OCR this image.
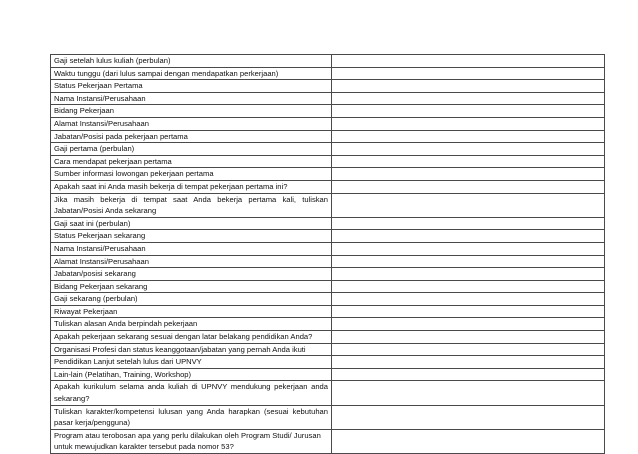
Gaji setelah lulus kuliah (perbulan)	
Waktu tunggu (dari lulus sampai dengan mendapatkan perkerjaan)	
Status Pekerjaan Pertama	
Nama Instansi/Perusahaan	
Bidang Pekerjaan	
Alamat Instansi/Perusahaan	
Jabatan/Posisi pada pekerjaan pertama	
Gaji pertama (perbulan)	
Cara mendapat pekerjaan pertama	
Sumber informasi lowongan pekerjaan pertama	
Apakah saat ini Anda masih bekerja di tempat pekerjaan pertama ini?	
Jika masih bekerja di tempat saat Anda bekerja pertama kali, tuliskan Jabatan/Posisi Anda sekarang	
Gaji saat ini (perbulan)	
Status Pekerjaan sekarang	
Nama Instansi/Perusahaan	
Alamat Instansi/Perusahaan	
Jabatan/posisi sekarang	
Bidang Pekerjaan sekarang	
Gaji sekarang (perbulan)	
Riwayat Pekerjaan	
Tuliskan alasan Anda berpindah pekerjaan	
Apakah pekerjaan sekarang sesuai dengan latar belakang pendidikan Anda?	
Organisasi Profesi dan status keanggotaan/jabatan yang pernah Anda ikuti	
Pendidikan Lanjut setelah lulus dari UPNVY	
Lain-lain (Pelatihan, Training, Workshop)	
Apakah kurikulum selama anda kuliah di UPNVY mendukung pekerjaan anda sekarang?	
Tuliskan karakter/kompetensi lulusan yang Anda harapkan (sesuai kebutuhan pasar kerja/pengguna)	
Program atau terobosan apa yang perlu dilakukan oleh Program Studi/ Jurusan untuk mewujudkan karakter tersebut pada nomor 53?	
